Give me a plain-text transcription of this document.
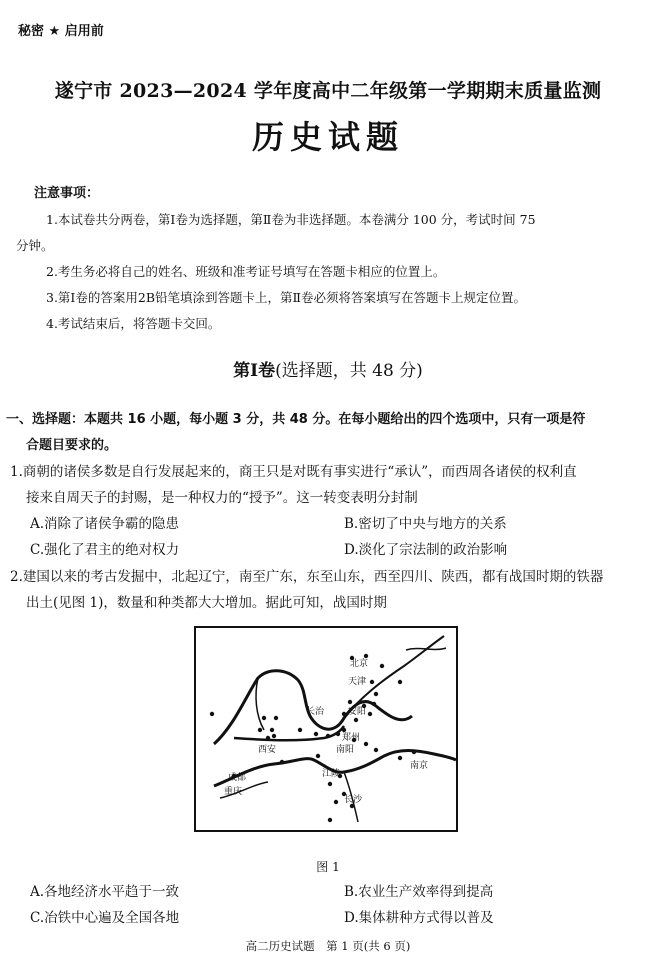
秘密 ★ 启用前
遂宁市 2023—2024 学年度高中二年级第一学期期末质量监测
历史试题
注意事项：
1.本试卷共分两卷，第Ⅰ卷为选择题，第Ⅱ卷为非选择题。本卷满分 100 分，考试时间 75
分钟。
2.考生务必将自己的姓名、班级和准考证号填写在答题卡相应的位置上。
3.第Ⅰ卷的答案用2B铅笔填涂到答题卡上，第Ⅱ卷必须将答案填写在答题卡上规定位置。
4.考试结束后，将答题卡交回。
第Ⅰ卷(选择题，共 48 分)
一、选择题：本题共 16 小题，每小题 3 分，共 48 分。在每小题给出的四个选项中，只有一项是符
合题目要求的。
1.商朝的诸侯多数是自行发展起来的，商王只是对既有事实进行“承认”，而西周各诸侯的权利直
接来自周天子的封赐，是一种权力的“授予”。这一转变表明分封制
A.消除了诸侯争霸的隐患	B.密切了中央与地方的关系
C.强化了君主的绝对权力	D.淡化了宗法制的政治影响
2.建国以来的考古发掘中，北起辽宁，南至广东，东至山东，西至四川、陕西，都有战国时期的铁器
出土(见图 1)，数量和种类都大大增加。据此可知，战国时期
北京
天津
长治	安阳
郑州
南阳
西安
成都
重庆
江陵
南京
长沙
图 1
A.各地经济水平趋于一致	B.农业生产效率得到提高
C.冶铁中心遍及全国各地	D.集体耕种方式得以普及
高二历史试题　第 1 页(共 6 页)
